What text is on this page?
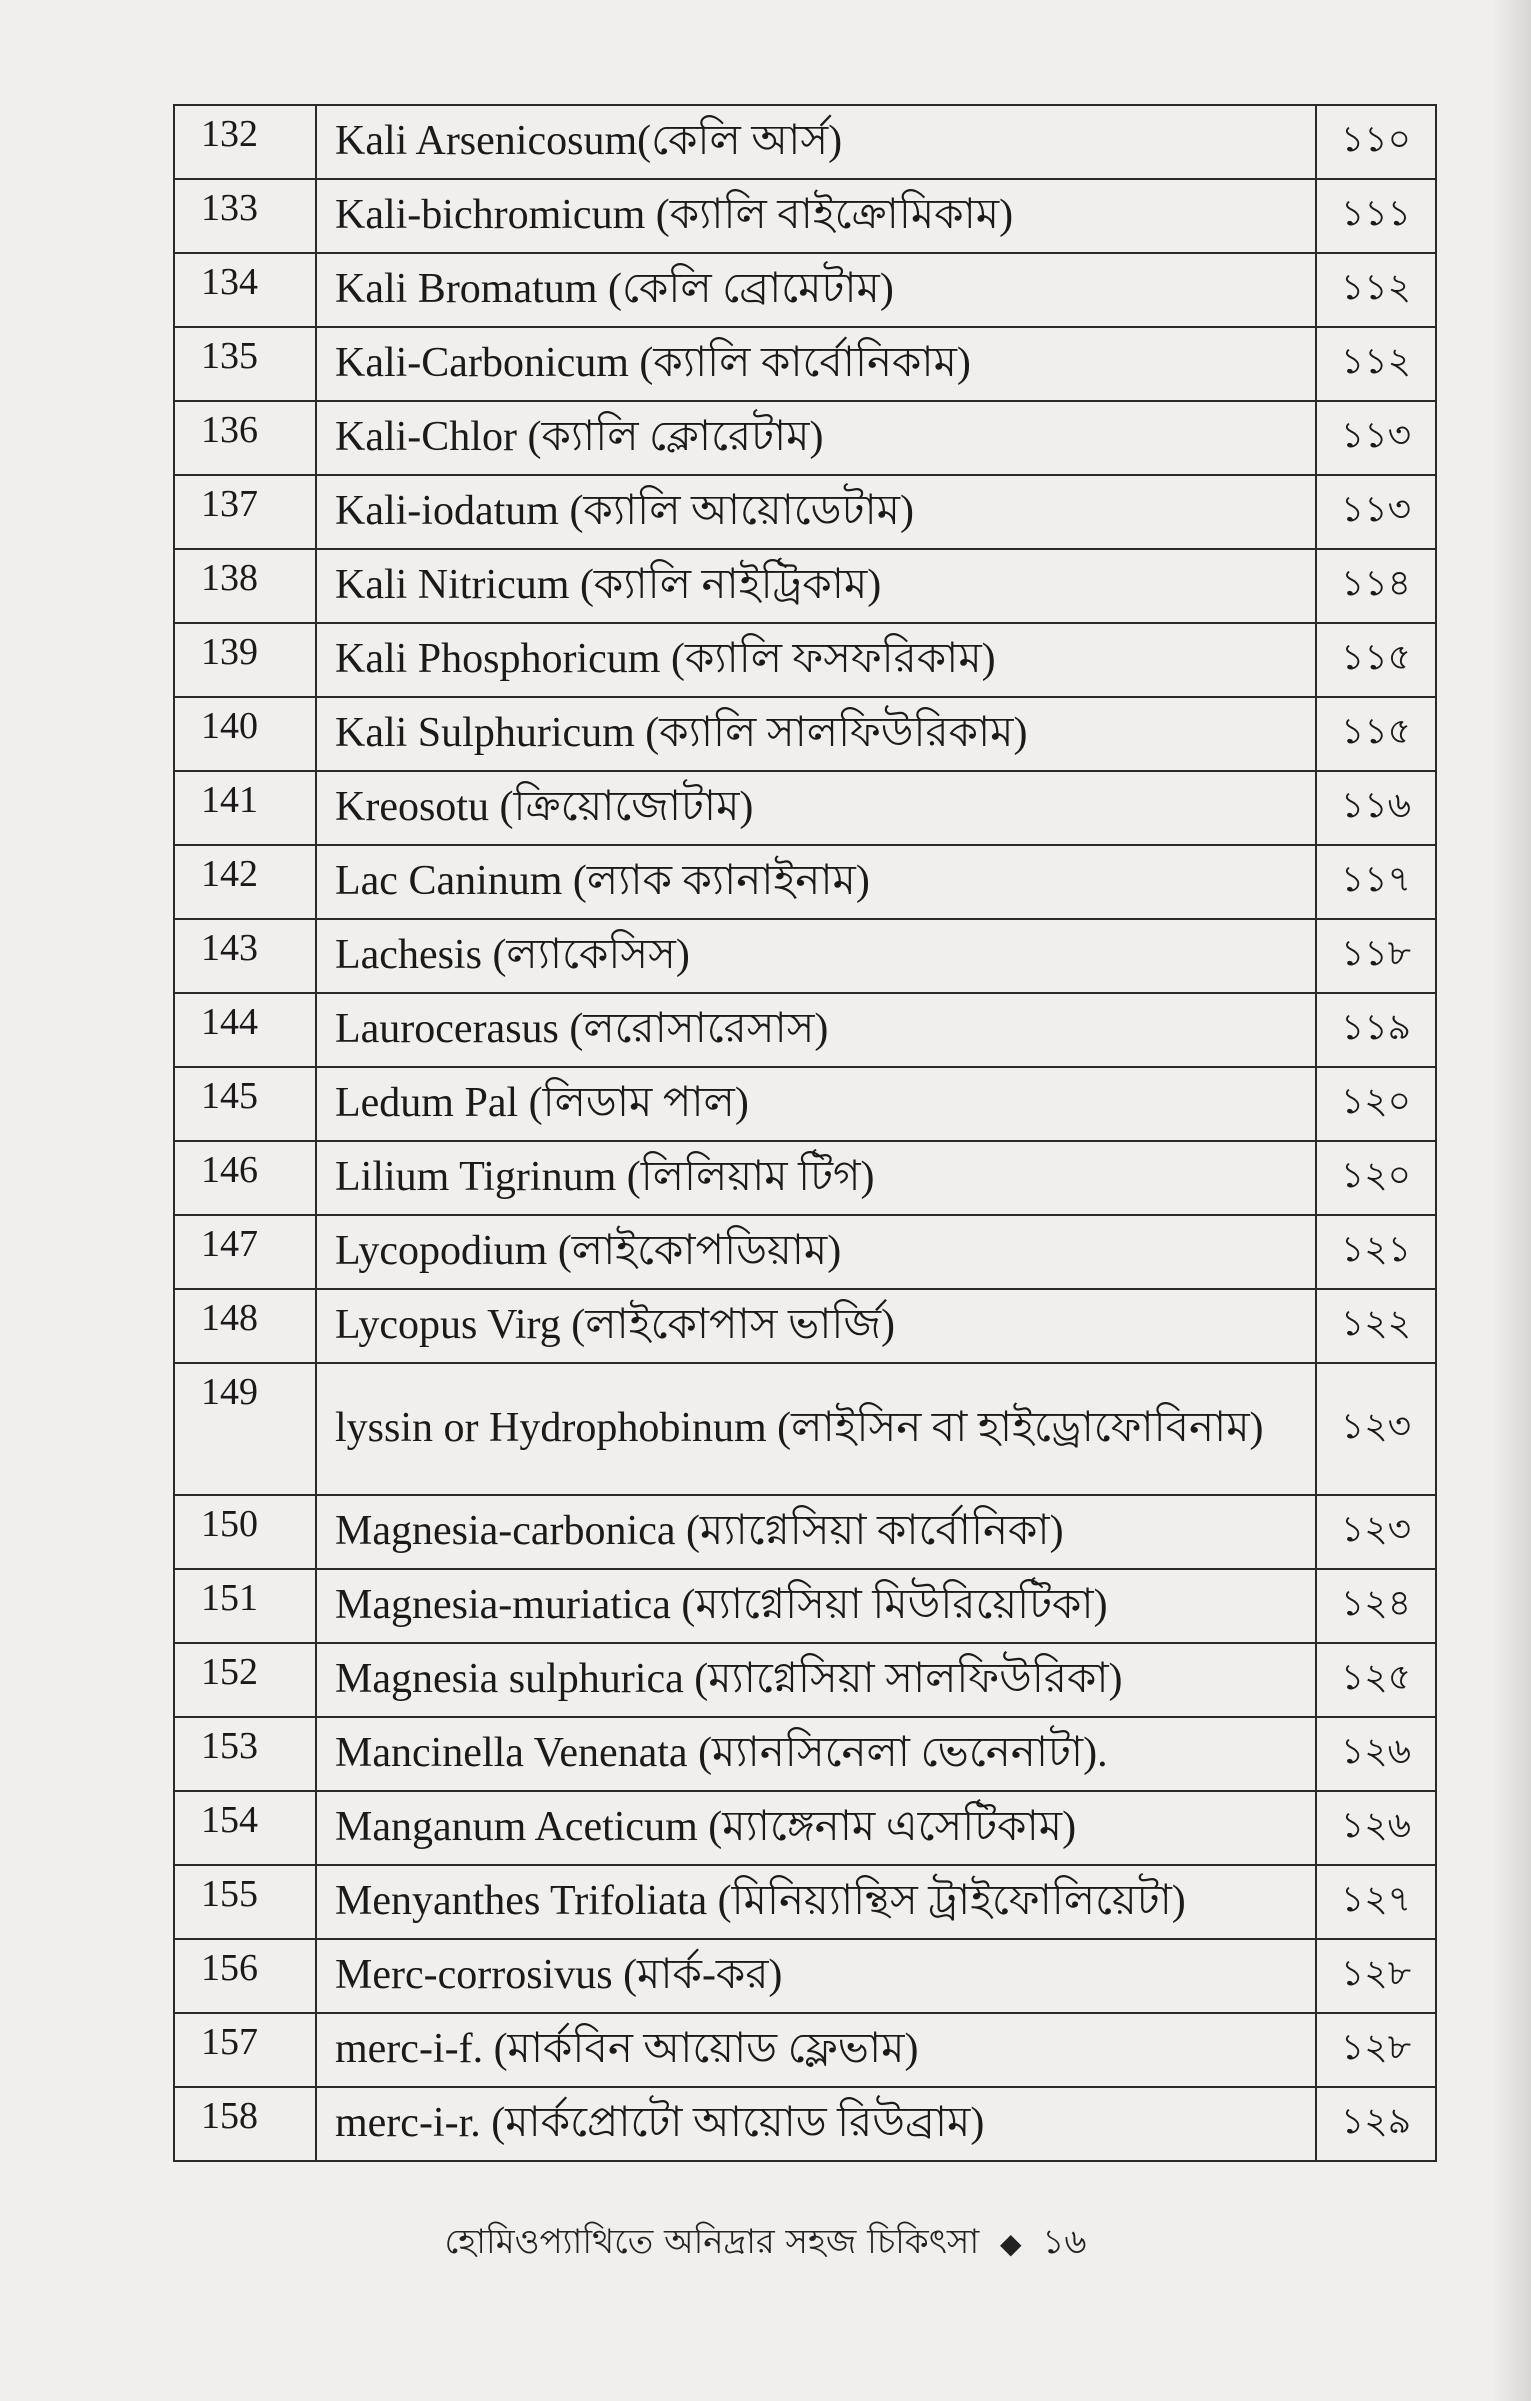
132	Kali Arsenicosum(কেলি আর্স)	১১০
133	Kali-bichromicum (ক্যালি বাইক্রোমিকাম)	১১১
134	Kali Bromatum (কেলি ব্রোমেটাম)	১১২
135	Kali-Carbonicum (ক্যালি কার্বোনিকাম)	১১২
136	Kali-Chlor (ক্যালি ক্লোরেটাম)	১১৩
137	Kali-iodatum (ক্যালি আয়োডেটাম)	১১৩
138	Kali Nitricum (ক্যালি নাইট্রিকাম)	১১৪
139	Kali Phosphoricum (ক্যালি ফসফরিকাম)	১১৫
140	Kali Sulphuricum (ক্যালি সালফিউরিকাম)	১১৫
141	Kreosotu (ক্রিয়োজোটাম)	১১৬
142	Lac Caninum (ল্যাক ক্যানাইনাম)	১১৭
143	Lachesis (ল্যাকেসিস)	১১৮
144	Laurocerasus (লরোসারেসাস)	১১৯
145	Ledum Pal (লিডাম পাল)	১২০
146	Lilium Tigrinum (লিলিয়াম টিগ)	১২০
147	Lycopodium (লাইকোপডিয়াম)	১২১
148	Lycopus Virg (লাইকোপাস ভার্জি)	১২২
149	lyssin or Hydrophobinum (লাইসিন বা হাইড্রোফোবিনাম)	১২৩
150	Magnesia-carbonica (ম্যাগ্নেসিয়া কার্বোনিকা)	১২৩
151	Magnesia-muriatica (ম্যাগ্নেসিয়া মিউরিয়েটিকা)	১২৪
152	Magnesia sulphurica (ম্যাগ্নেসিয়া সালফিউরিকা)	১২৫
153	Mancinella Venenata (ম্যানসিনেলা ভেনেনাটা).	১২৬
154	Manganum Aceticum (ম্যাঙ্গেনাম এসেটিকাম)	১২৬
155	Menyanthes Trifoliata (মিনিয়্যান্থিস ট্রাইফোলিয়েটা)	১২৭
156	Merc-corrosivus (মার্ক-কর)	১২৮
157	merc-i-f. (মার্কবিন আয়োড ফ্লেভাম)	১২৮
158	merc-i-r. (মার্কপ্রোটো আয়োড রিউব্রাম)	১২৯
হোমিওপ্যাথিতে অনিদ্রার সহজ চিকিৎসা ◆ ১৬
